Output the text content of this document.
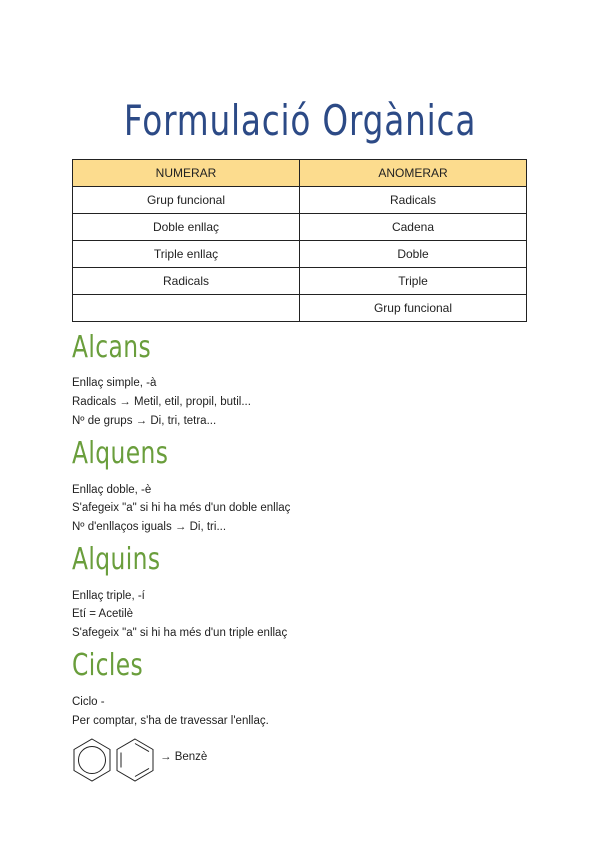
Formulació Orgànica
NUMERAR	ANOMERAR
Grup funcional	Radicals
Doble enllaç	Cadena
Triple enllaç	Doble
Radicals	Triple
	Grup funcional
Alcans
Enllaç simple, -à
Radicals → Metil, etil, propil, butil...
Nº de grups → Di, tri, tetra...
Alquens
Enllaç doble, -è
S'afegeix "a" si hi ha més d'un doble enllaç
Nº d'enllaços iguals → Di, tri...
Alquins
Enllaç triple, -í
Etí = Acetilè
S'afegeix "a" si hi ha més d'un triple enllaç
Cicles
Ciclo -
Per comptar, s'ha de travessar l'enllaç.
→ Benzè
